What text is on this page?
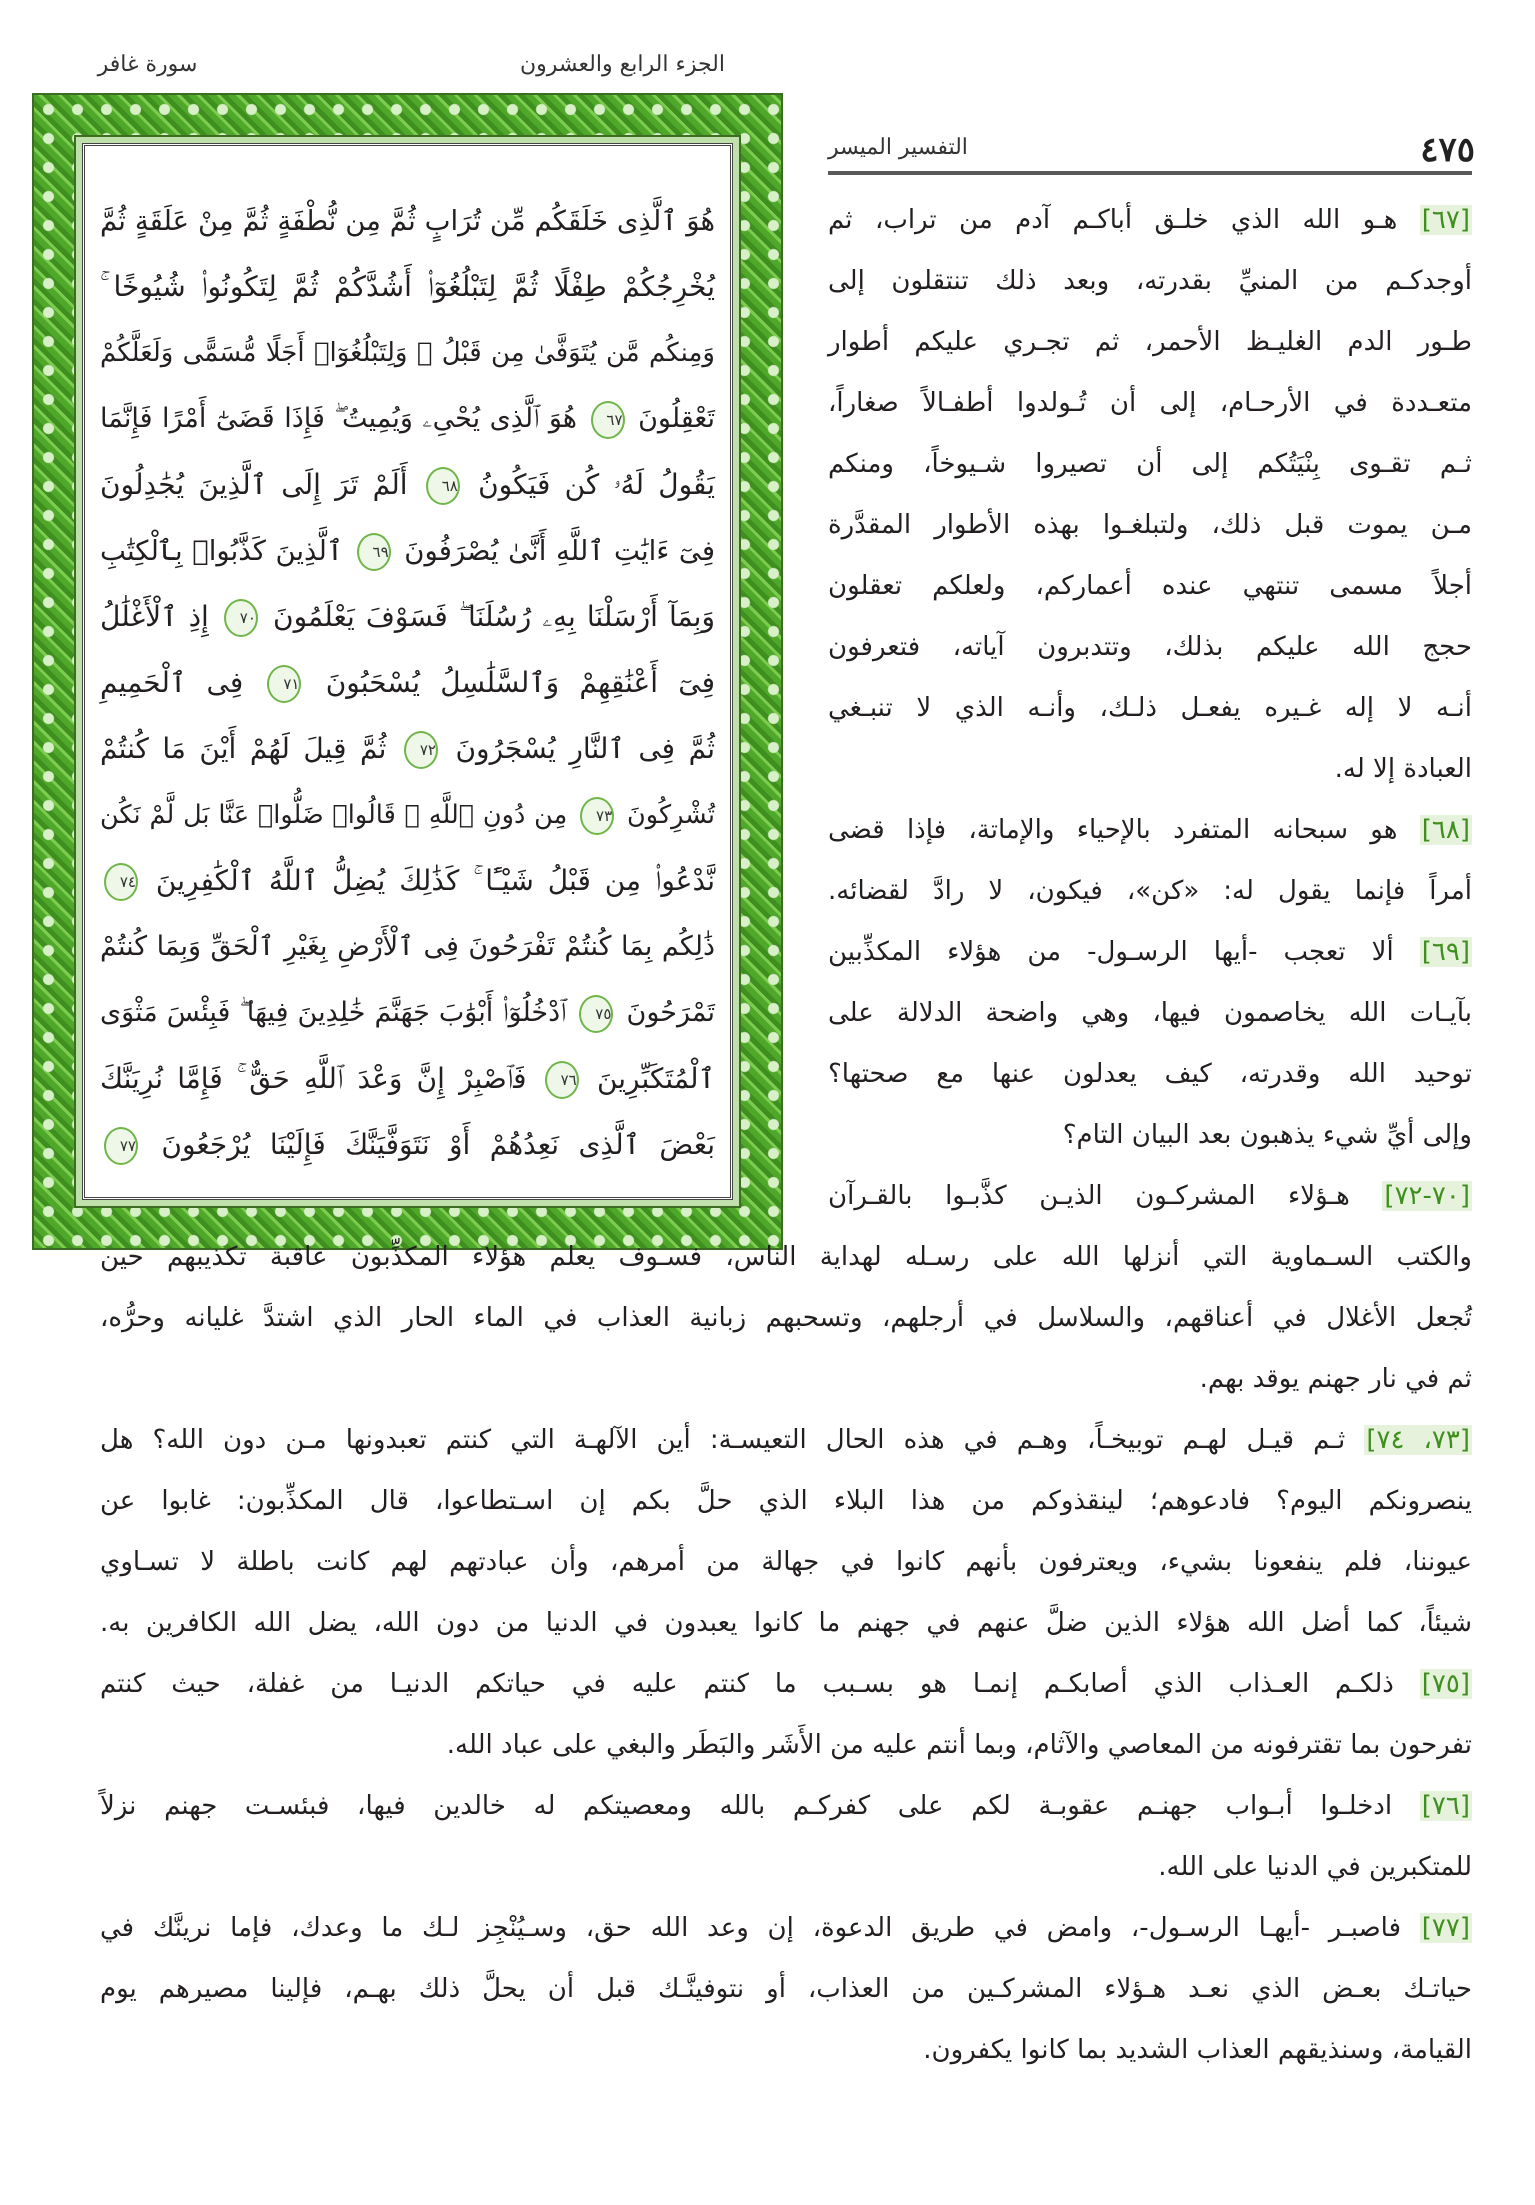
الجزء الرابع والعشرون
سورة غافر
٤٧٥
التفسير الميسر
هُوَ ٱلَّذِى خَلَقَكُم مِّن تُرَابٍ ثُمَّ مِن نُّطْفَةٍ ثُمَّ مِنْ عَلَقَةٍ ثُمَّ
يُخْرِجُكُمْ طِفْلًا ثُمَّ لِتَبْلُغُوٓا۟ أَشُدَّكُمْ ثُمَّ لِتَكُونُوا۟ شُيُوخًا ۚ
وَمِنكُم مَّن يُتَوَفَّىٰ مِن قَبْلُ ۖ وَلِتَبْلُغُوٓا۟ أَجَلًا مُّسَمًّى وَلَعَلَّكُمْ
تَعْقِلُونَ ٦٧ هُوَ ٱلَّذِى يُحْىِۦ وَيُمِيتُ ۖ فَإِذَا قَضَىٰٓ أَمْرًا فَإِنَّمَا
يَقُولُ لَهُۥ كُن فَيَكُونُ ٦٨ أَلَمْ تَرَ إِلَى ٱلَّذِينَ يُجَٰدِلُونَ
فِىٓ ءَايَٰتِ ٱللَّهِ أَنَّىٰ يُصْرَفُونَ ٦٩ ٱلَّذِينَ كَذَّبُوا۟ بِٱلْكِتَٰبِ
وَبِمَآ أَرْسَلْنَا بِهِۦ رُسُلَنَا ۖ فَسَوْفَ يَعْلَمُونَ ٧٠ إِذِ ٱلْأَغْلَٰلُ
فِىٓ أَعْنَٰقِهِمْ وَٱلسَّلَٰسِلُ يُسْحَبُونَ ٧١ فِى ٱلْحَمِيمِ
ثُمَّ فِى ٱلنَّارِ يُسْجَرُونَ ٧٢ ثُمَّ قِيلَ لَهُمْ أَيْنَ مَا كُنتُمْ
تُشْرِكُونَ ٧٣ مِن دُونِ ٱللَّهِ ۖ قَالُوا۟ ضَلُّوا۟ عَنَّا بَل لَّمْ نَكُن
نَّدْعُوا۟ مِن قَبْلُ شَيْـًٔا ۚ كَذَٰلِكَ يُضِلُّ ٱللَّهُ ٱلْكَٰفِرِينَ ٧٤
ذَٰلِكُم بِمَا كُنتُمْ تَفْرَحُونَ فِى ٱلْأَرْضِ بِغَيْرِ ٱلْحَقِّ وَبِمَا كُنتُمْ
تَمْرَحُونَ ٧٥ ٱدْخُلُوٓا۟ أَبْوَٰبَ جَهَنَّمَ خَٰلِدِينَ فِيهَا ۖ فَبِئْسَ مَثْوَى
ٱلْمُتَكَبِّرِينَ ٧٦ فَٱصْبِرْ إِنَّ وَعْدَ ٱللَّهِ حَقٌّ ۚ فَإِمَّا نُرِيَنَّكَ
بَعْضَ ٱلَّذِى نَعِدُهُمْ أَوْ نَتَوَفَّيَنَّكَ فَإِلَيْنَا يُرْجَعُونَ ٧٧
[٦٧] هـو الله الذي خلـق أباكـم آدم من تراب، ثم
أوجدكـم من المنيِّ بقدرته، وبعد ذلك تنتقلون إلى
طـور الدم الغليـظ الأحمر، ثم تجـري عليكم أطوار
متعـددة في الأرحـام، إلى أن تُـولدوا أطفـالاً صغاراً،
ثـم تقـوى بِنْيَتُكم إلى أن تصيروا شـيوخاً، ومنكم
مـن يموت قبل ذلك، ولتبلغـوا بهذه الأطوار المقدَّرة
أجلاً مسمى تنتهي عنده أعماركم، ولعلكم تعقلون
حجج الله عليكم بذلك، وتتدبرون آياته، فتعرفون
أنـه لا إله غـيره يفعـل ذلـك، وأنـه الذي لا تنبـغي
العبادة إلا له.
[٦٨] هو سبحانه المتفرد بالإحياء والإماتة، فإذا قضى
أمراً فإنما يقول له: «كن»، فيكون، لا رادَّ لقضائه.
[٦٩] ألا تعجب -أيها الرسـول- من هؤلاء المكذِّبين
بآيـات الله يخاصمون فيها، وهي واضحة الدلالة على
توحيد الله وقدرته، كيف يعدلون عنها مع صحتها؟
وإلى أيِّ شيء يذهبون بعد البيان التام؟
[٧٠-٧٢] هـؤلاء المشركـون الذيـن كذَّبـوا بالقـرآن
والكتب السـماوية التي أنزلها الله على رسـله لهداية الناس، فسـوف يعلم هؤلاء المكذِّبون عاقبة تكذيبهم حين
تُجعل الأغلال في أعناقهم، والسلاسل في أرجلهم، وتسحبهم زبانية العذاب في الماء الحار الذي اشتدَّ غليانه وحرُّه،
ثم في نار جهنم يوقد بهم.
[٧٣، ٧٤] ثـم قيـل لهـم توبيخـاً، وهـم في هذه الحال التعيسـة: أين الآلهـة التي كنتم تعبدونها مـن دون الله؟ هل
ينصرونكم اليوم؟ فادعوهم؛ لينقذوكم من هذا البلاء الذي حلَّ بكم إن اسـتطاعوا، قال المكذِّبون: غابوا عن
عيوننا، فلم ينفعونا بشيء، ويعترفون بأنهم كانوا في جهالة من أمرهم، وأن عبادتهم لهم كانت باطلة لا تسـاوي
شيئاً، كما أضل الله هؤلاء الذين ضلَّ عنهم في جهنم ما كانوا يعبدون في الدنيا من دون الله، يضل الله الكافرين به.
[٧٥] ذلكـم العـذاب الذي أصابكـم إنمـا هو بسـبب ما كنتم عليه في حياتكم الدنيـا من غفلة، حيث كنتم
تفرحون بما تقترفونه من المعاصي والآثام، وبما أنتم عليه من الأَشَر والبَطَر والبغي على عباد الله.
[٧٦] ادخلـوا أبـواب جهنـم عقوبـة لكم على كفركـم بالله ومعصيتكم له خالدين فيها، فبئسـت جهنم نزلاً
للمتكبرين في الدنيا على الله.
[٧٧] فاصبـر -أيهـا الرسـول-، وامض في طريق الدعوة، إن وعد الله حق، وسـيُنْجِز لـك ما وعدك، فإما نرينَّك في
حياتـك بعـض الذي نعـد هـؤلاء المشركـين من العذاب، أو نتوفينَّـك قبل أن يحلَّ ذلك بهـم، فإلينا مصيرهم يوم
القيامة، وسنذيقهم العذاب الشديد بما كانوا يكفرون.
